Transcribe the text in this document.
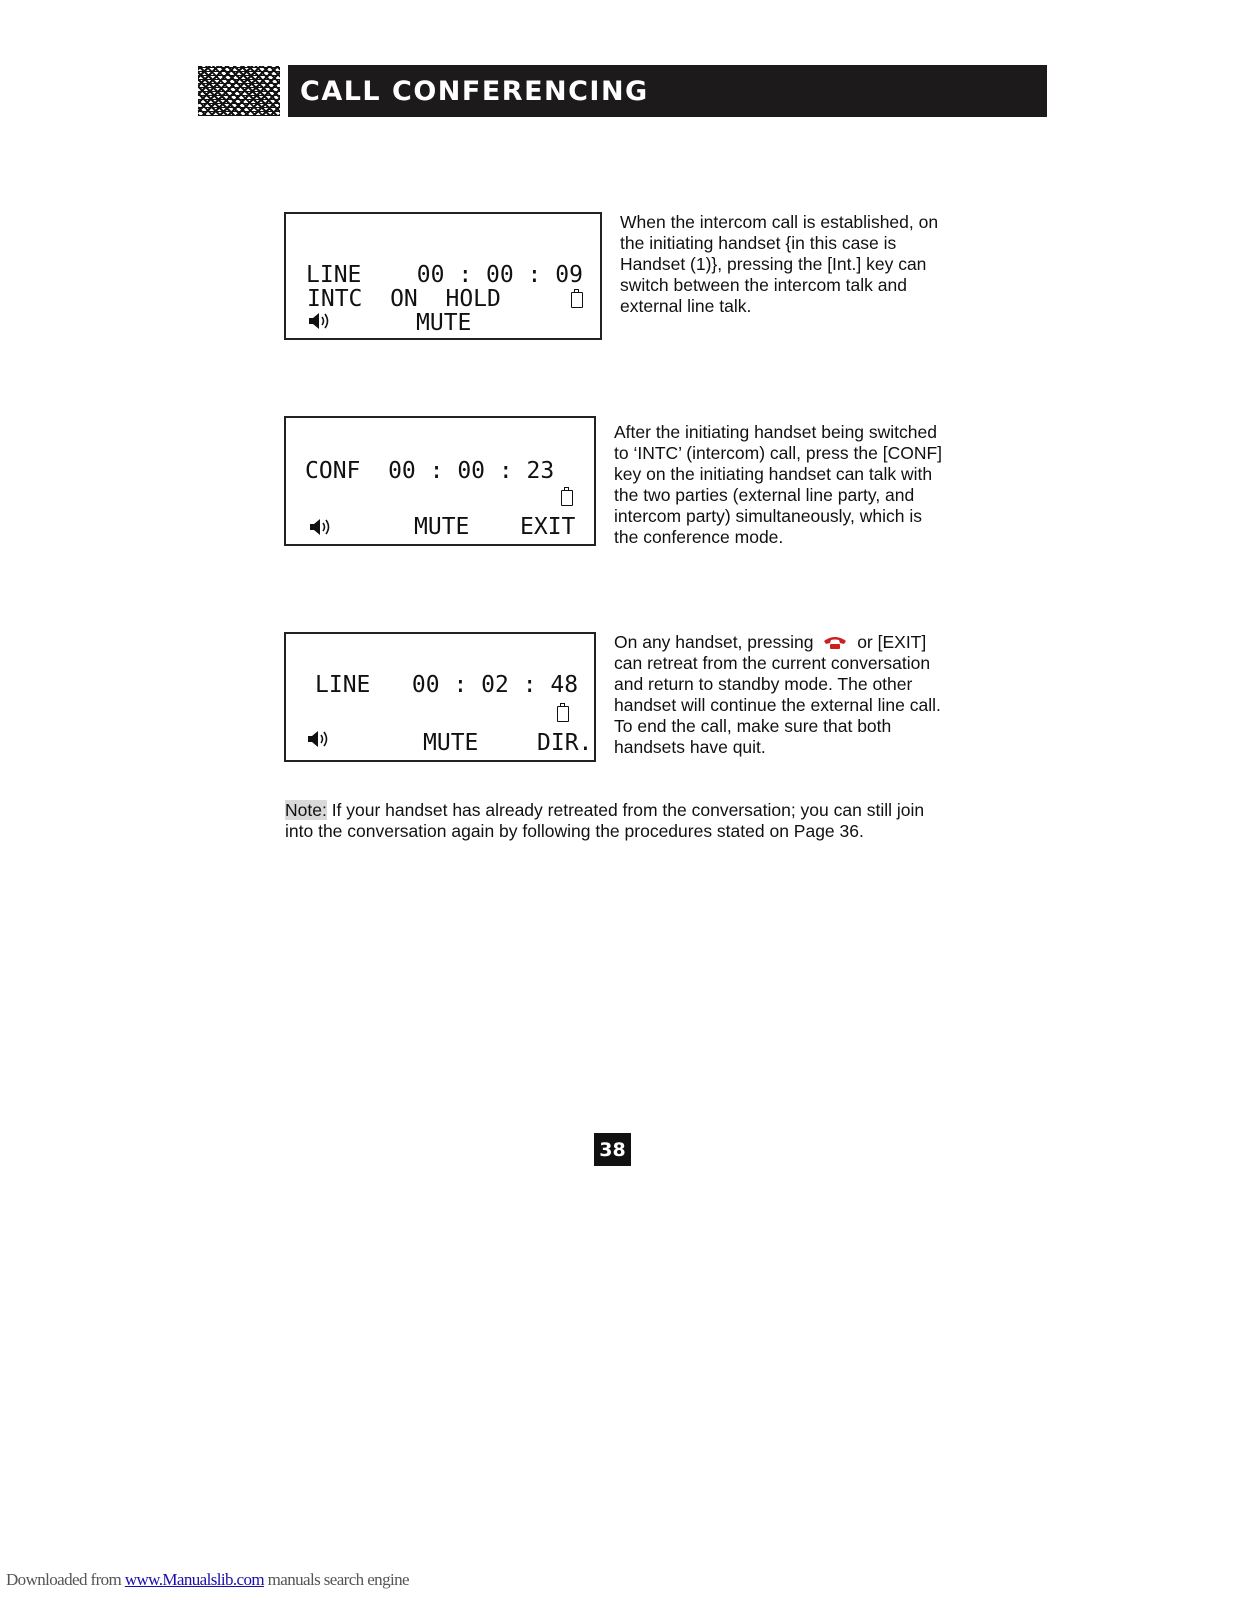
CALL CONFERENCING
LINE    00 : 00 : 09
INTC  ON  HOLD
MUTE
When the intercom call is established, on
the initiating handset {in this case is
Handset (1)}, pressing the [Int.] key can
switch between the intercom talk and
external line talk.
CONF  00 : 00 : 23
MUTE EXIT
After the initiating handset being switched
to ‘INTC’ (intercom) call, press the [CONF]
key on the initiating handset can talk with
the two parties (external line party, and
intercom party) simultaneously, which is
the conference mode.
LINE   00 : 02 : 48
MUTE	DIR.
On any handset, pressing	or [EXIT]
can retreat from the current conversation
and return to standby mode. The other
handset will continue the external line call.
To end the call, make sure that both
handsets have quit.
Note: If your handset has already retreated from the conversation; you can still join
into the conversation again by following the procedures stated on Page 36.
38
Downloaded from www.Manualslib.com manuals search engine
